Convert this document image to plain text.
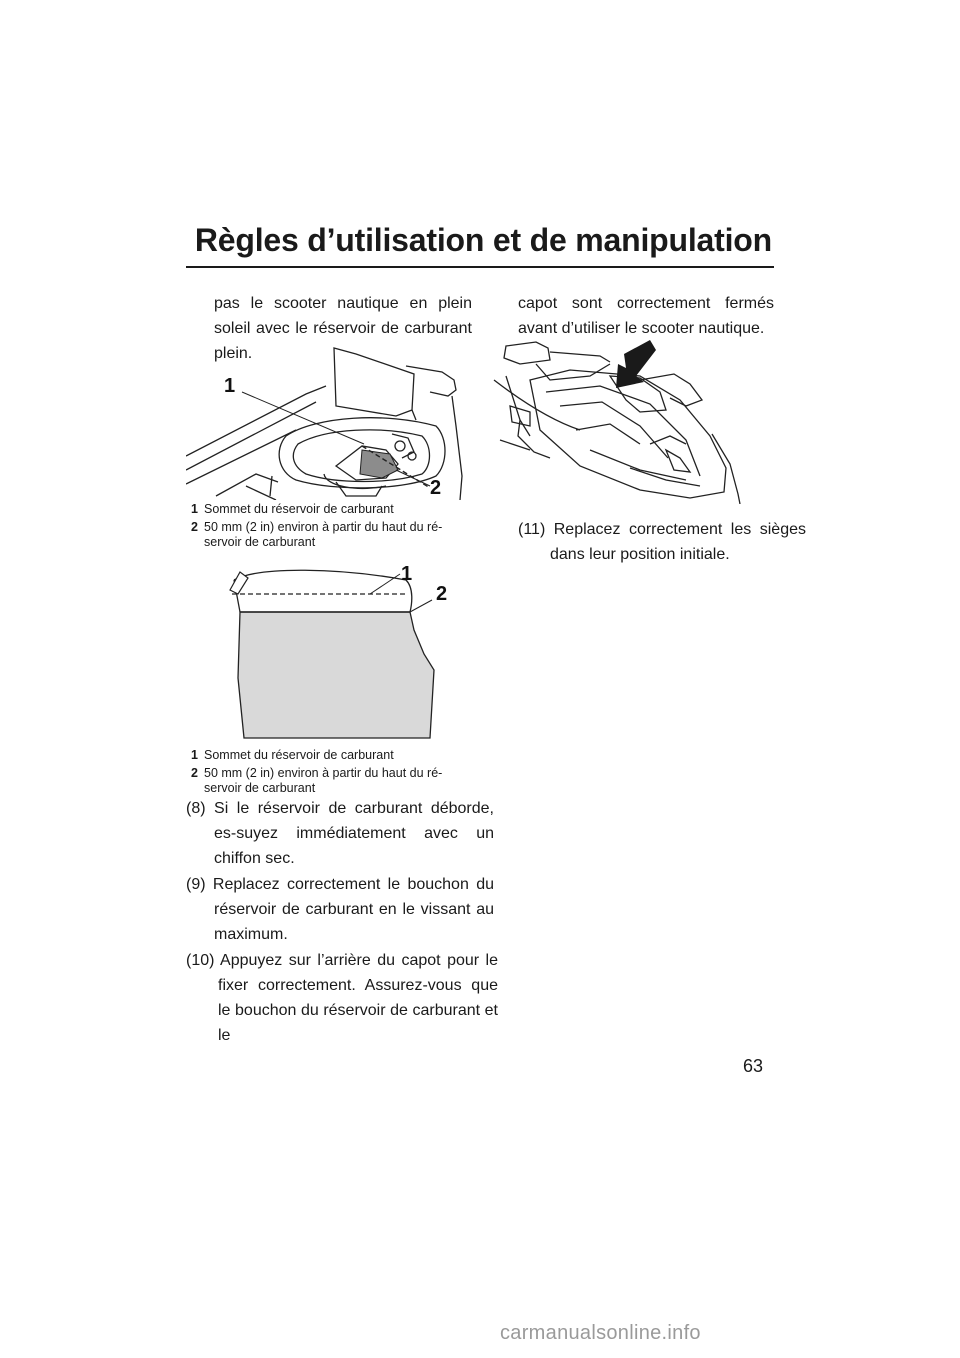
Règles d’utilisation et de manipulation
pas le scooter nautique en plein soleil avec le réservoir de carburant plein.
1
2
1 Sommet du réservoir de carburant
2 50 mm (2 in) environ à partir du haut du ré-servoir de carburant
1
2
1 Sommet du réservoir de carburant
2 50 mm (2 in) environ à partir du haut du ré-servoir de carburant
(8) Si le réservoir de carburant déborde, es-suyez immédiatement avec un chiffon sec.
(9) Replacez correctement le bouchon du réservoir de carburant en le vissant au maximum.
(10) Appuyez sur l’arrière du capot pour le fixer correctement. Assurez-vous que le bouchon du réservoir de carburant et le
capot sont correctement fermés avant d’utiliser le scooter nautique.
(11) Replacez correctement les sièges dans leur position initiale.
63
carmanualsonline.info
